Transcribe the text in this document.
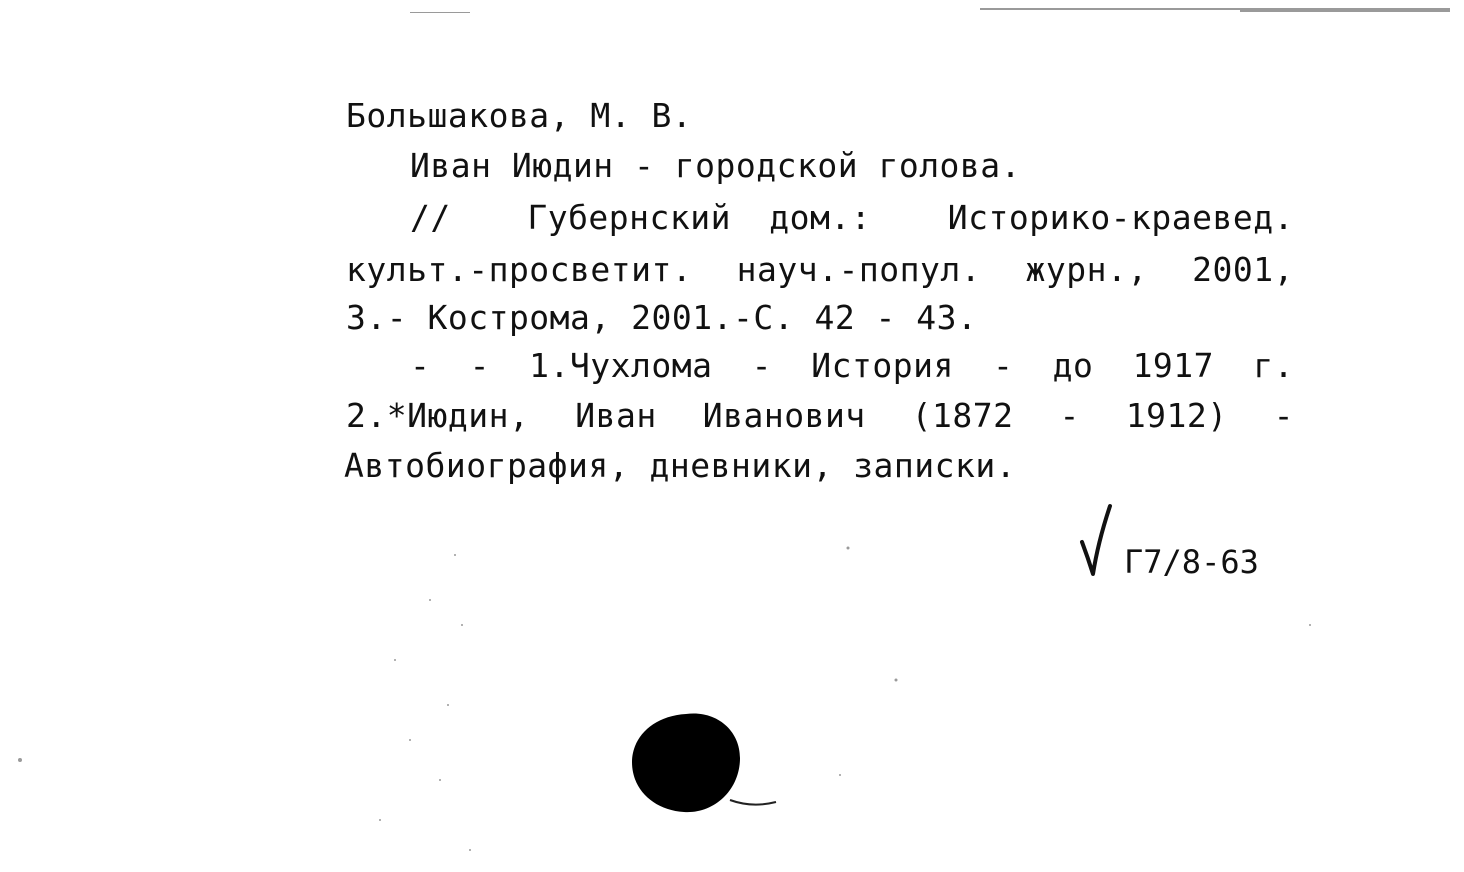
Большакова, М. В.
Иван Июдин - городской голова.
//  Губернский дом.:  Историко-краевед.
культ.-просветит. науч.-попул. журн., 2001,
3.- Кострома, 2001.-С. 42 - 43.
- - 1.Чухлома - История - до 1917 г.
2.*Июдин, Иван Иванович (1872 - 1912) -
Автобиография, дневники, записки.
Г7/8-63
